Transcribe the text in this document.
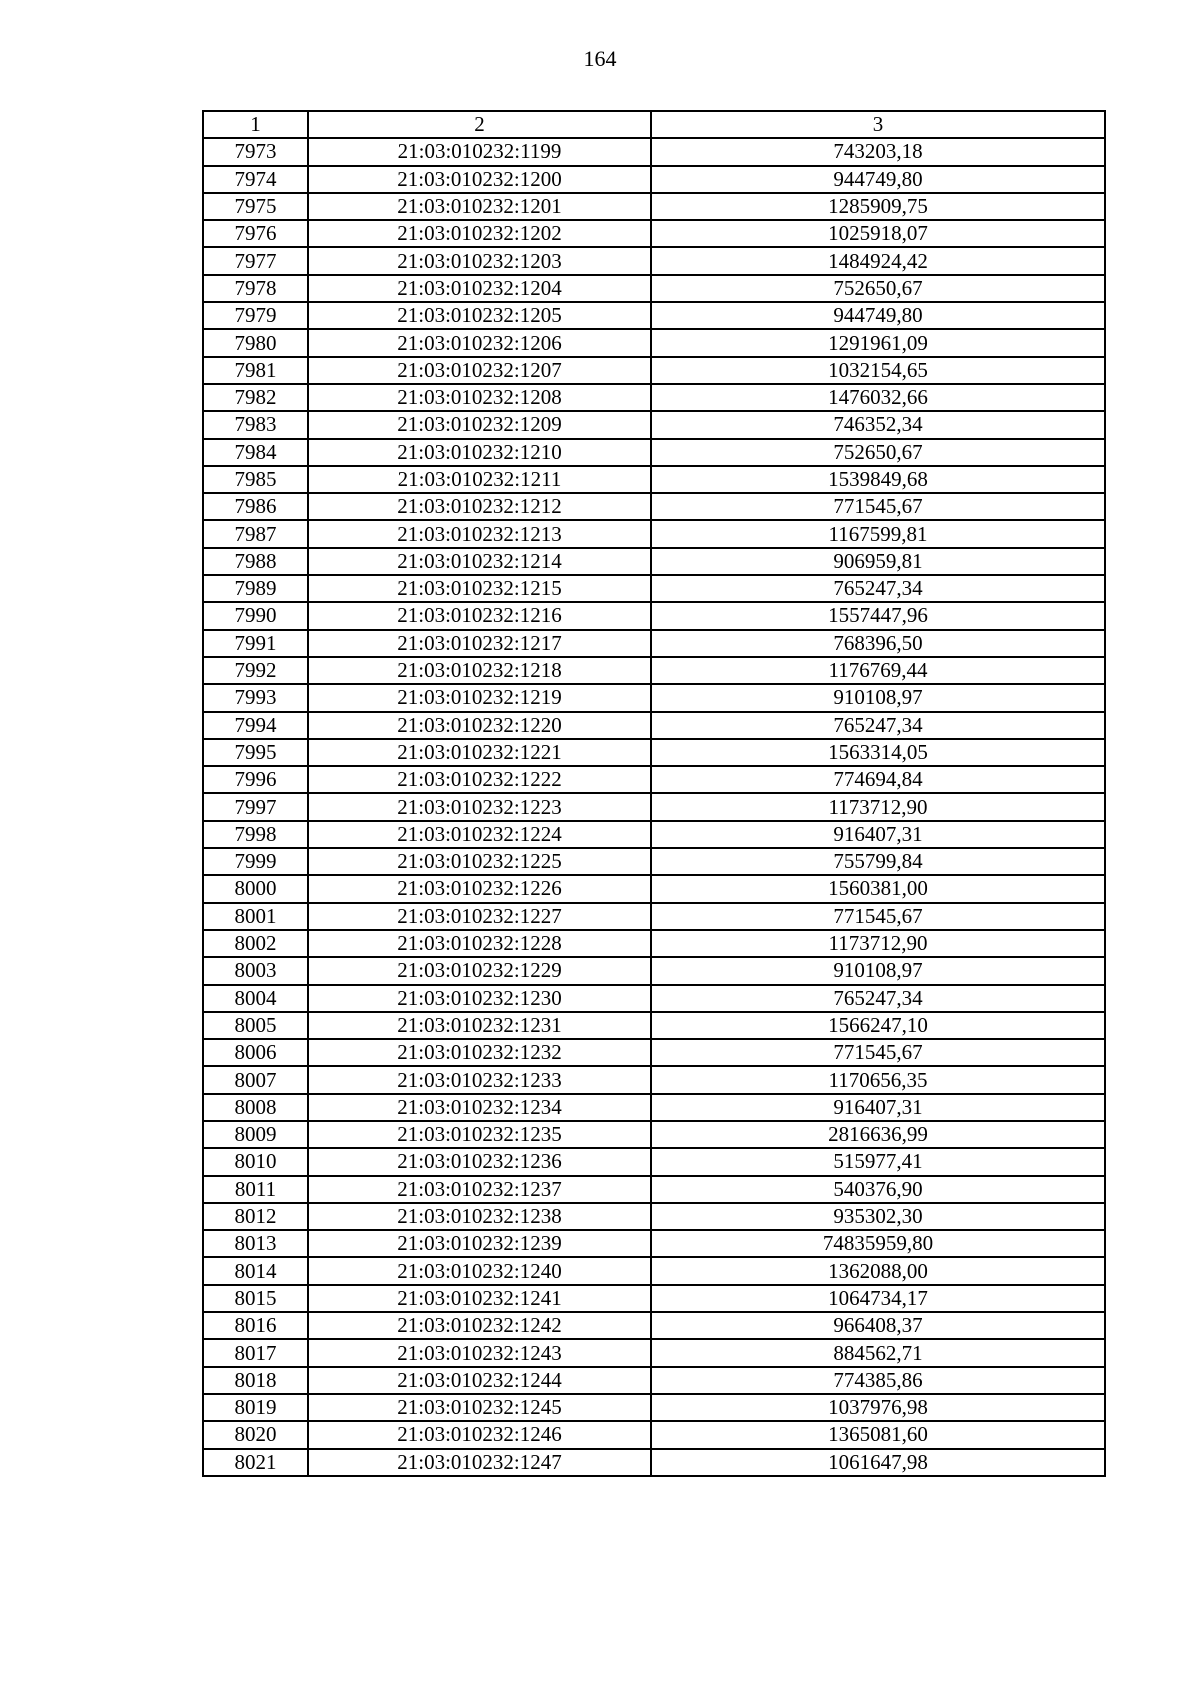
164
1	2	3
7973	21:03:010232:1199	743203,18
7974	21:03:010232:1200	944749,80
7975	21:03:010232:1201	1285909,75
7976	21:03:010232:1202	1025918,07
7977	21:03:010232:1203	1484924,42
7978	21:03:010232:1204	752650,67
7979	21:03:010232:1205	944749,80
7980	21:03:010232:1206	1291961,09
7981	21:03:010232:1207	1032154,65
7982	21:03:010232:1208	1476032,66
7983	21:03:010232:1209	746352,34
7984	21:03:010232:1210	752650,67
7985	21:03:010232:1211	1539849,68
7986	21:03:010232:1212	771545,67
7987	21:03:010232:1213	1167599,81
7988	21:03:010232:1214	906959,81
7989	21:03:010232:1215	765247,34
7990	21:03:010232:1216	1557447,96
7991	21:03:010232:1217	768396,50
7992	21:03:010232:1218	1176769,44
7993	21:03:010232:1219	910108,97
7994	21:03:010232:1220	765247,34
7995	21:03:010232:1221	1563314,05
7996	21:03:010232:1222	774694,84
7997	21:03:010232:1223	1173712,90
7998	21:03:010232:1224	916407,31
7999	21:03:010232:1225	755799,84
8000	21:03:010232:1226	1560381,00
8001	21:03:010232:1227	771545,67
8002	21:03:010232:1228	1173712,90
8003	21:03:010232:1229	910108,97
8004	21:03:010232:1230	765247,34
8005	21:03:010232:1231	1566247,10
8006	21:03:010232:1232	771545,67
8007	21:03:010232:1233	1170656,35
8008	21:03:010232:1234	916407,31
8009	21:03:010232:1235	2816636,99
8010	21:03:010232:1236	515977,41
8011	21:03:010232:1237	540376,90
8012	21:03:010232:1238	935302,30
8013	21:03:010232:1239	74835959,80
8014	21:03:010232:1240	1362088,00
8015	21:03:010232:1241	1064734,17
8016	21:03:010232:1242	966408,37
8017	21:03:010232:1243	884562,71
8018	21:03:010232:1244	774385,86
8019	21:03:010232:1245	1037976,98
8020	21:03:010232:1246	1365081,60
8021	21:03:010232:1247	1061647,98
